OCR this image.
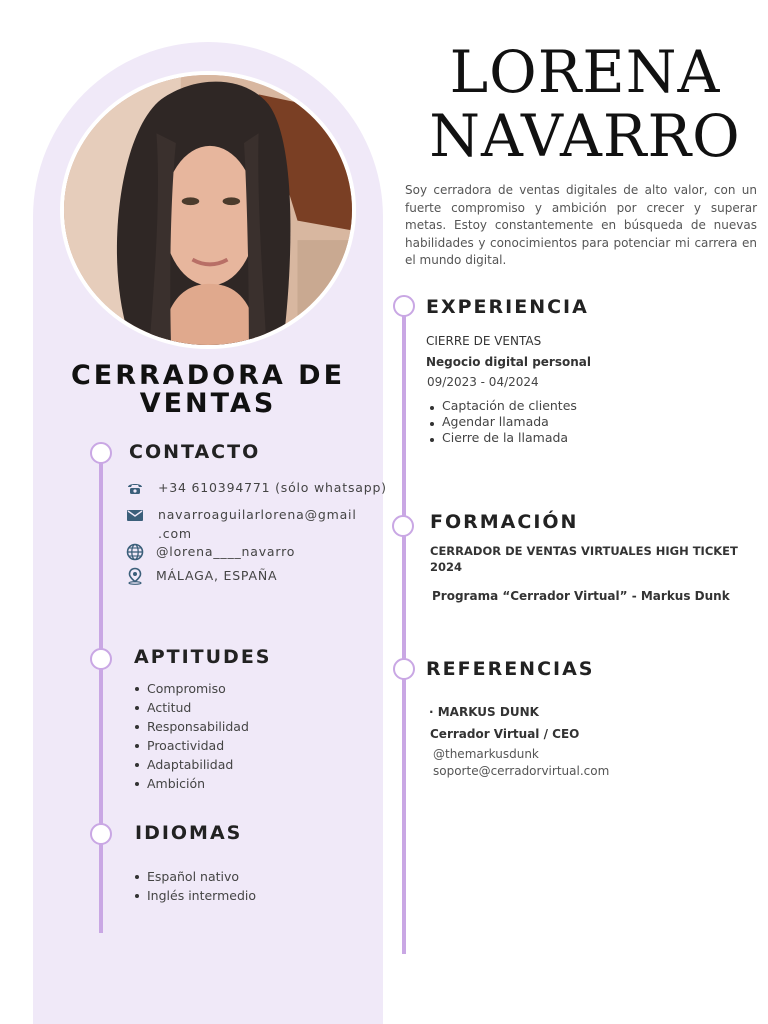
CERRADORA DE
VENTAS
CONTACTO
+34 610394771 (sólo whatsapp)
navarroaguilarlorena@gmail
.com
@lorena____navarro
MÁLAGA, ESPAÑA
APTITUDES
Compromiso
Actitud
Responsabilidad
Proactividad
Adaptabilidad
Ambición
IDIOMAS
Español nativo
Inglés intermedio
LORENA
NAVARRO
Soy cerradora de ventas digitales de alto valor, con un fuerte compromiso y ambición por crecer y superar metas. Estoy constantemente en búsqueda de nuevas habilidades y conocimientos para potenciar mi carrera en el mundo digital.
EXPERIENCIA
CIERRE DE VENTAS
Negocio digital personal
09/2023 - 04/2024
Captación de clientes
Agendar llamada
Cierre de la llamada
FORMACIÓN
CERRADOR DE VENTAS VIRTUALES HIGH TICKET 2024
Programa “Cerrador Virtual” - Markus Dunk
REFERENCIAS
· MARKUS DUNK
Cerrador Virtual / CEO
@themarkusdunk
soporte@cerradorvirtual.com
